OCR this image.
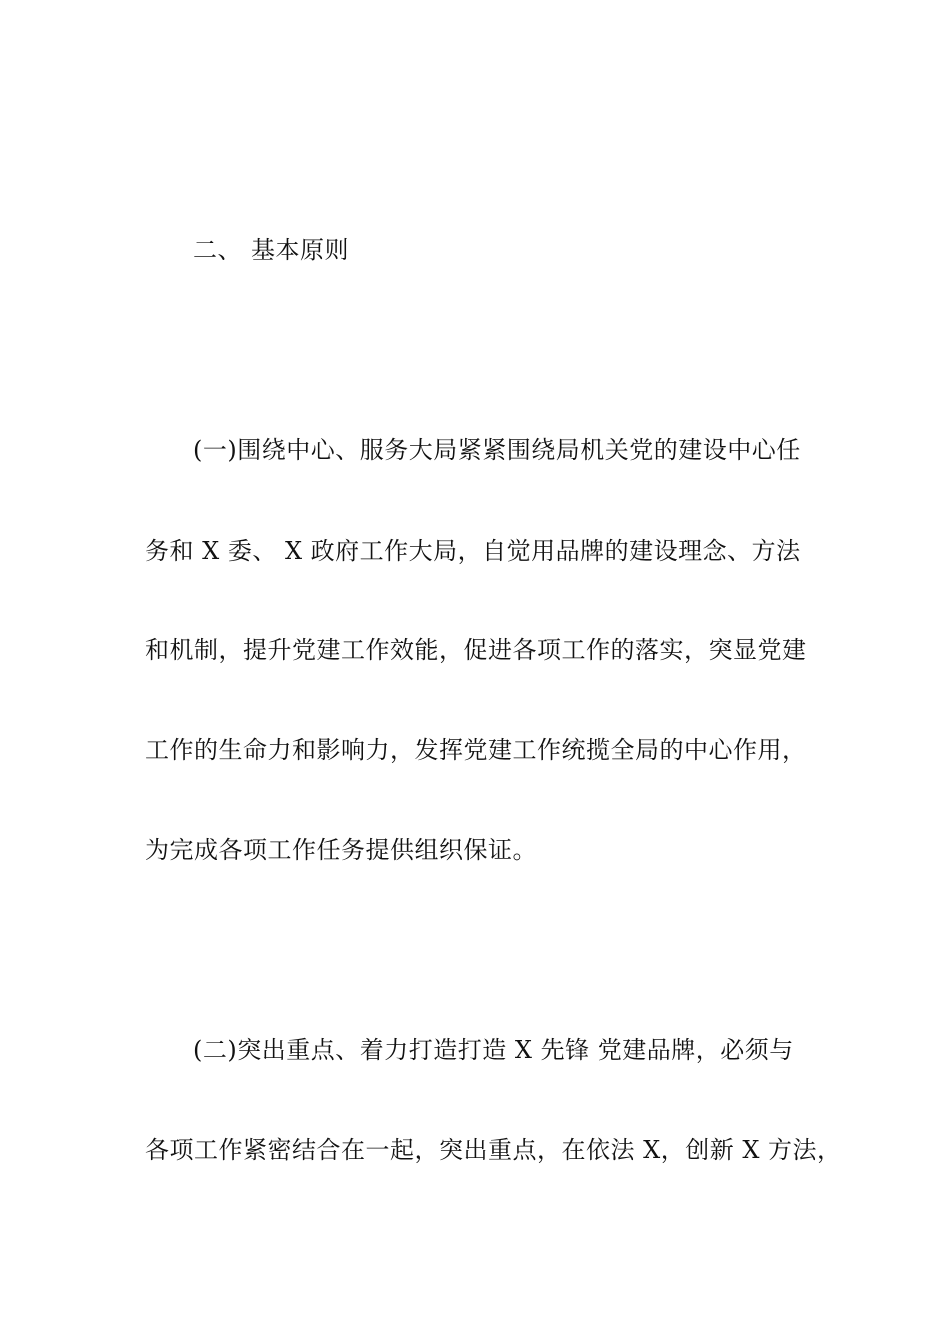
二、 基本原则
(一)围绕中心、服务大局紧紧围绕局机关党的建设中心任
务和 X 委、 X 政府工作大局，自觉用品牌的建设理念、方法
和机制，提升党建工作效能，促进各项工作的落实，突显党建
工作的生命力和影响力，发挥党建工作统揽全局的中心作用，
为完成各项工作任务提供组织保证。
(二)突出重点、着力打造打造 X 先锋 党建品牌，必须与
各项工作紧密结合在一起，突出重点，在依法 X，创新 X 方法，
